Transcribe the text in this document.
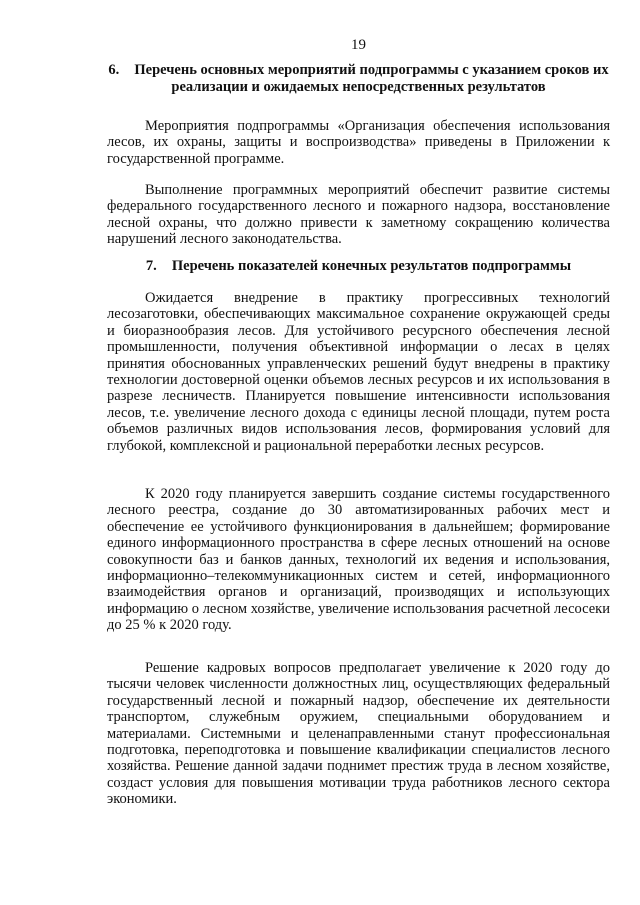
19
6. Перечень основных мероприятий подпрограммы с указанием сроков их реализации и ожидаемых непосредственных результатов

Мероприятия подпрограммы «Организация обеспечения использования лесов, их охраны, защиты и воспроизводства» приведены в Приложении к государственной программе.

Выполнение программных мероприятий обеспечит развитие системы федерального государственного лесного и пожарного надзора, восстановление лесной охраны, что должно привести к заметному сокращению количества нарушений лесного законодательства.

7. Перечень показателей конечных результатов подпрограммы

Ожидается внедрение в практику прогрессивных технологий лесозаготовки, обеспечивающих максимальное сохранение окружающей среды и биоразнообразия лесов. Для устойчивого ресурсного обеспечения лесной промышленности, получения объективной информации о лесах в целях принятия обоснованных управленческих решений будут внедрены в практику технологии достоверной оценки объемов лесных ресурсов и их использования в разрезе лесничеств. Планируется повышение интенсивности использования лесов, т.е. увеличение лесного дохода с единицы лесной площади, путем роста объемов различных видов использования лесов, формирования условий для глубокой, комплексной и рациональной переработки лесных ресурсов.

К 2020 году планируется завершить создание системы государственного лесного реестра, создание до 30 автоматизированных рабочих мест и обеспечение ее устойчивого функционирования в дальнейшем; формирование единого информационного пространства в сфере лесных отношений на основе совокупности баз и банков данных, технологий их ведения и использования, информационно–телекоммуникационных систем и сетей, информационного взаимодействия органов и организаций, производящих и использующих информацию о лесном хозяйстве, увеличение использования расчетной лесосеки до 25 % к 2020 году.

Решение кадровых вопросов предполагает увеличение к 2020 году до тысячи человек численности должностных лиц, осуществляющих федеральный государственный лесной и пожарный надзор, обеспечение их деятельности транспортом, служебным оружием, специальными оборудованием и материалами. Системными и целенаправленными станут профессиональная подготовка, переподготовка и повышение квалификации специалистов лесного хозяйства. Решение данной задачи поднимет престиж труда в лесном хозяйстве, создаст условия для повышения мотивации труда работников лесного сектора экономики.
